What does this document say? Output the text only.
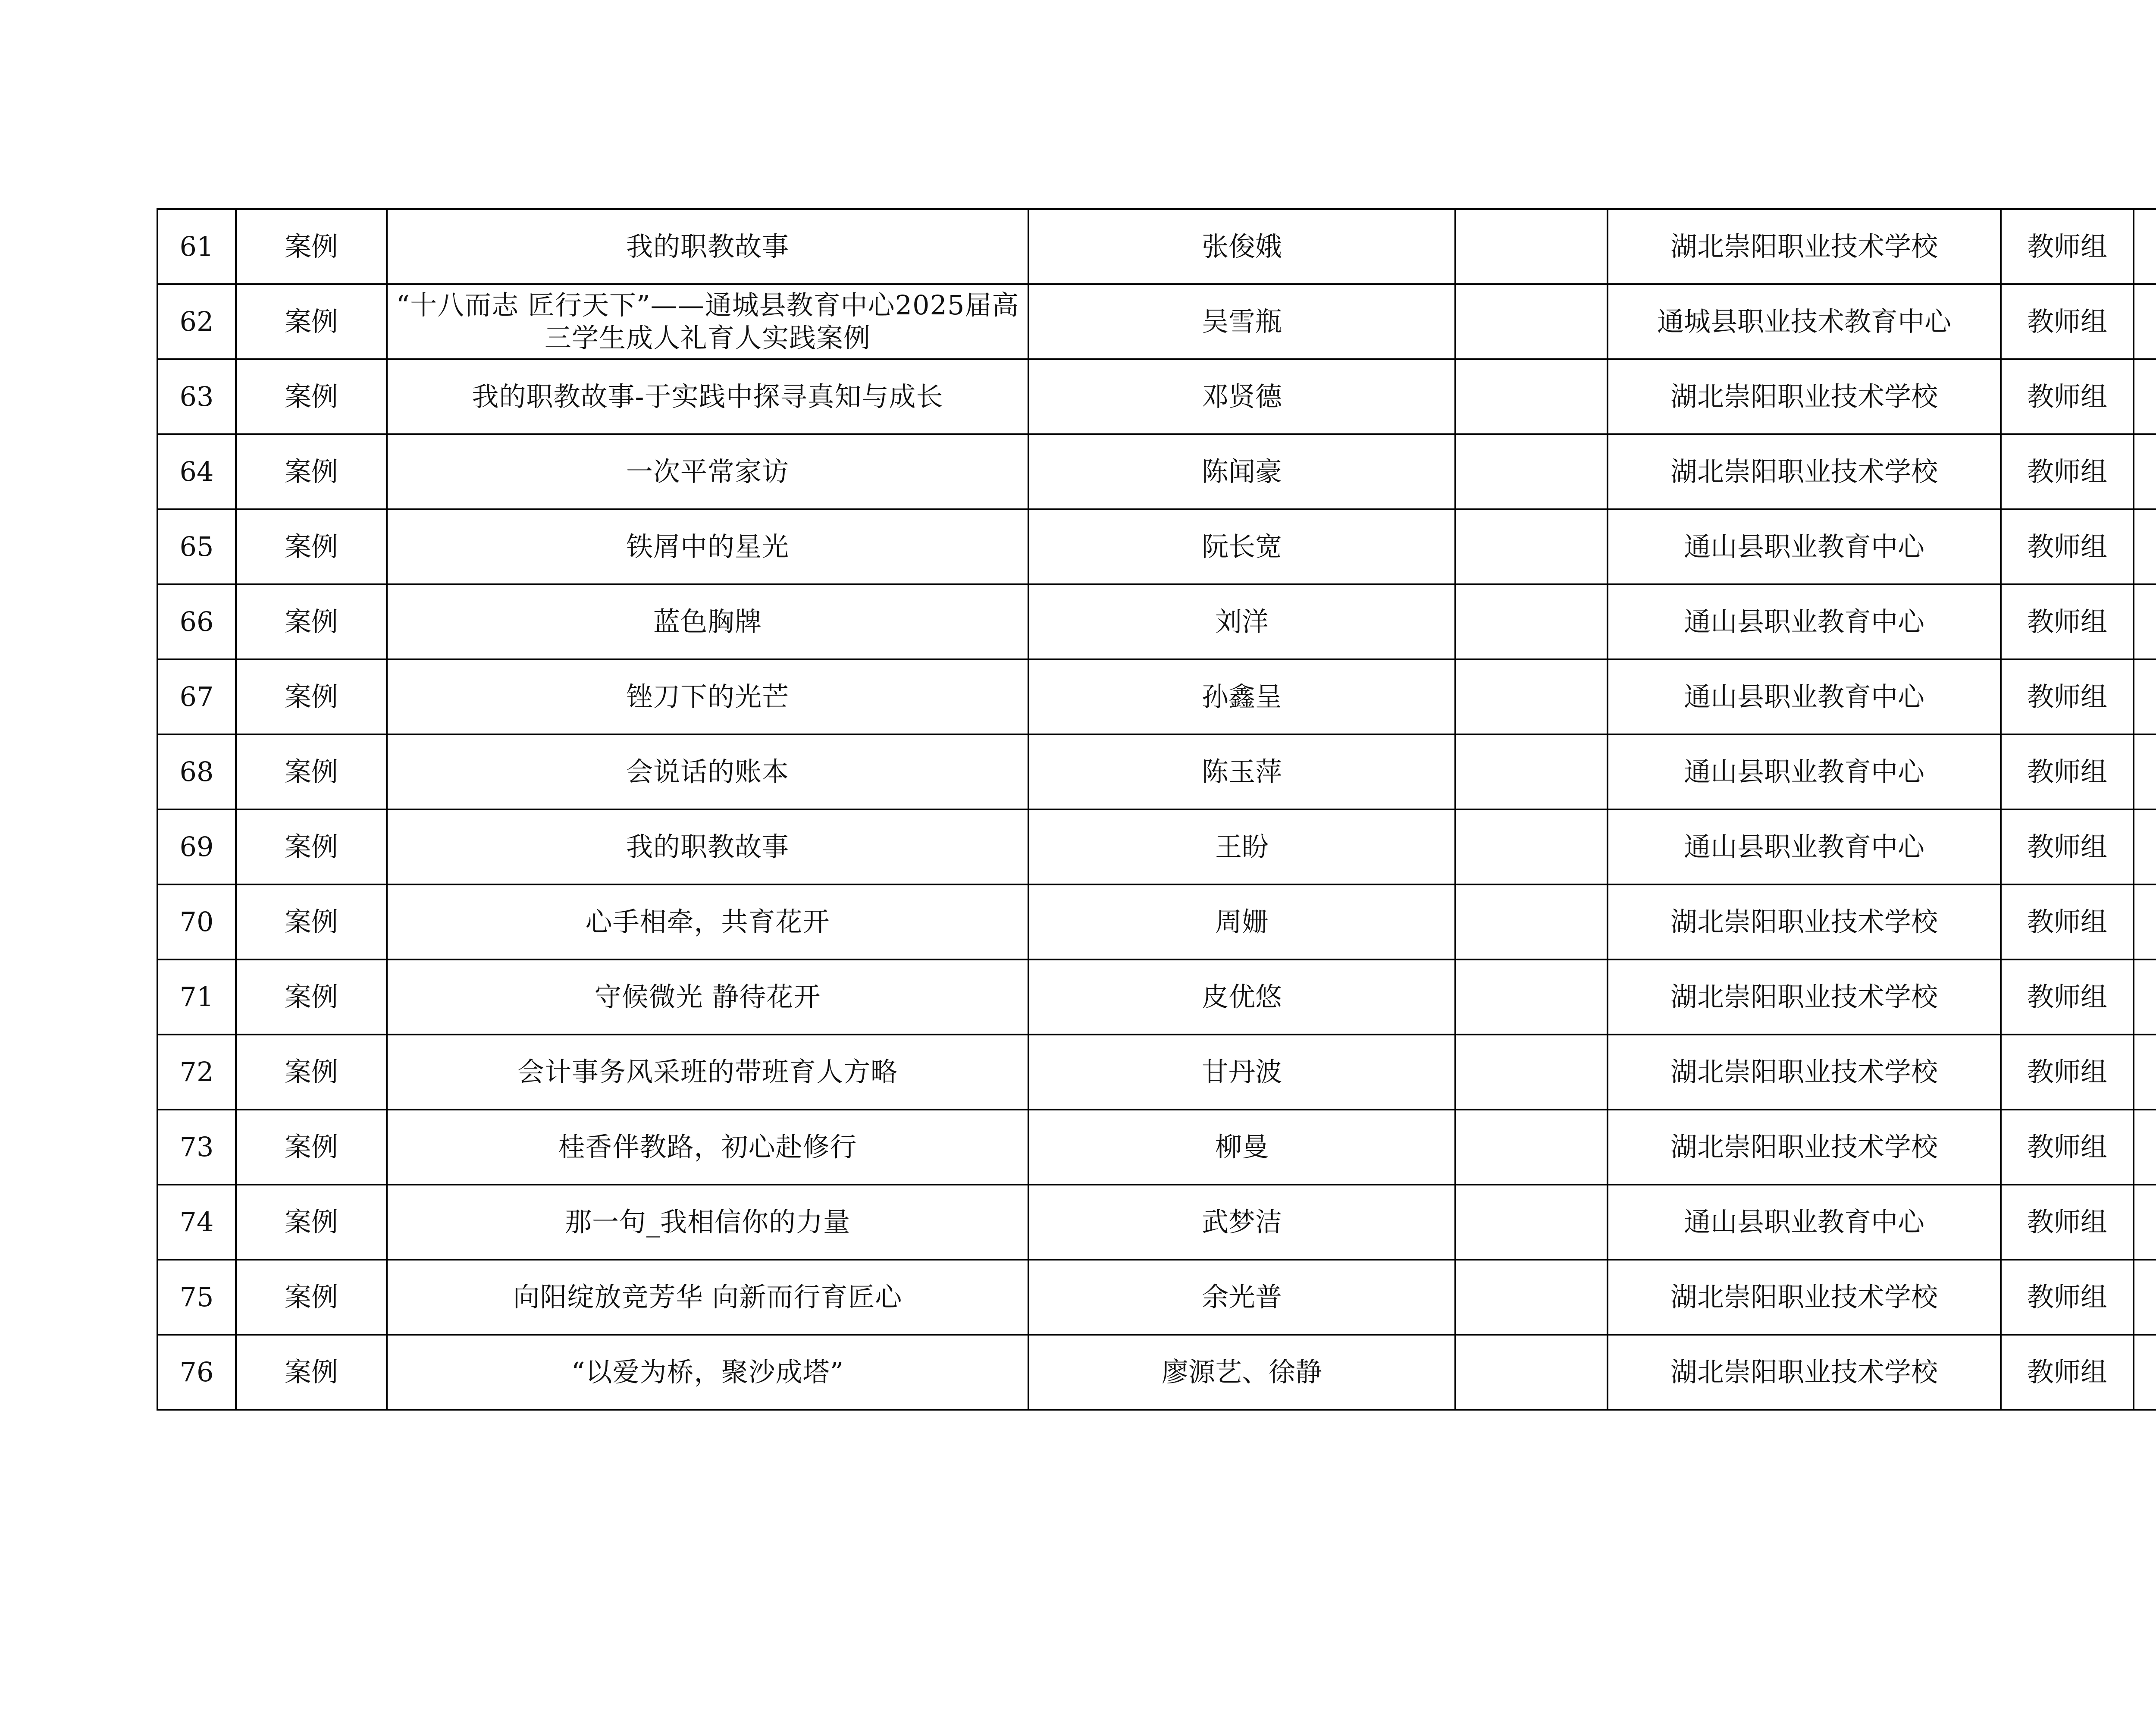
61	案例	我的职教故事	张俊娥		湖北崇阳职业技术学校	教师组	
62	案例	“十八而志 匠行天下”——通城县教育中心2025届高三学生成人礼育人实践案例	吴雪瓶		通城县职业技术教育中心	教师组	
63	案例	我的职教故事-于实践中探寻真知与成长	邓贤德		湖北崇阳职业技术学校	教师组	
64	案例	一次平常家访	陈闻豪		湖北崇阳职业技术学校	教师组	
65	案例	铁屑中的星光	阮长宽		通山县职业教育中心	教师组	
66	案例	蓝色胸牌	刘洋		通山县职业教育中心	教师组	
67	案例	锉刀下的光芒	孙鑫呈		通山县职业教育中心	教师组	
68	案例	会说话的账本	陈玉萍		通山县职业教育中心	教师组	
69	案例	我的职教故事	王盼		通山县职业教育中心	教师组	
70	案例	心手相牵，共育花开	周姗		湖北崇阳职业技术学校	教师组	
71	案例	守候微光 静待花开	皮优悠		湖北崇阳职业技术学校	教师组	
72	案例	会计事务风采班的带班育人方略	甘丹波		湖北崇阳职业技术学校	教师组	
73	案例	桂香伴教路，初心赴修行	柳曼		湖北崇阳职业技术学校	教师组	
74	案例	那一句_我相信你的力量	武梦洁		通山县职业教育中心	教师组	
75	案例	向阳绽放竞芳华 向新而行育匠心	余光普		湖北崇阳职业技术学校	教师组	
76	案例	“以爱为桥，聚沙成塔”	廖源艺、徐静		湖北崇阳职业技术学校	教师组	
